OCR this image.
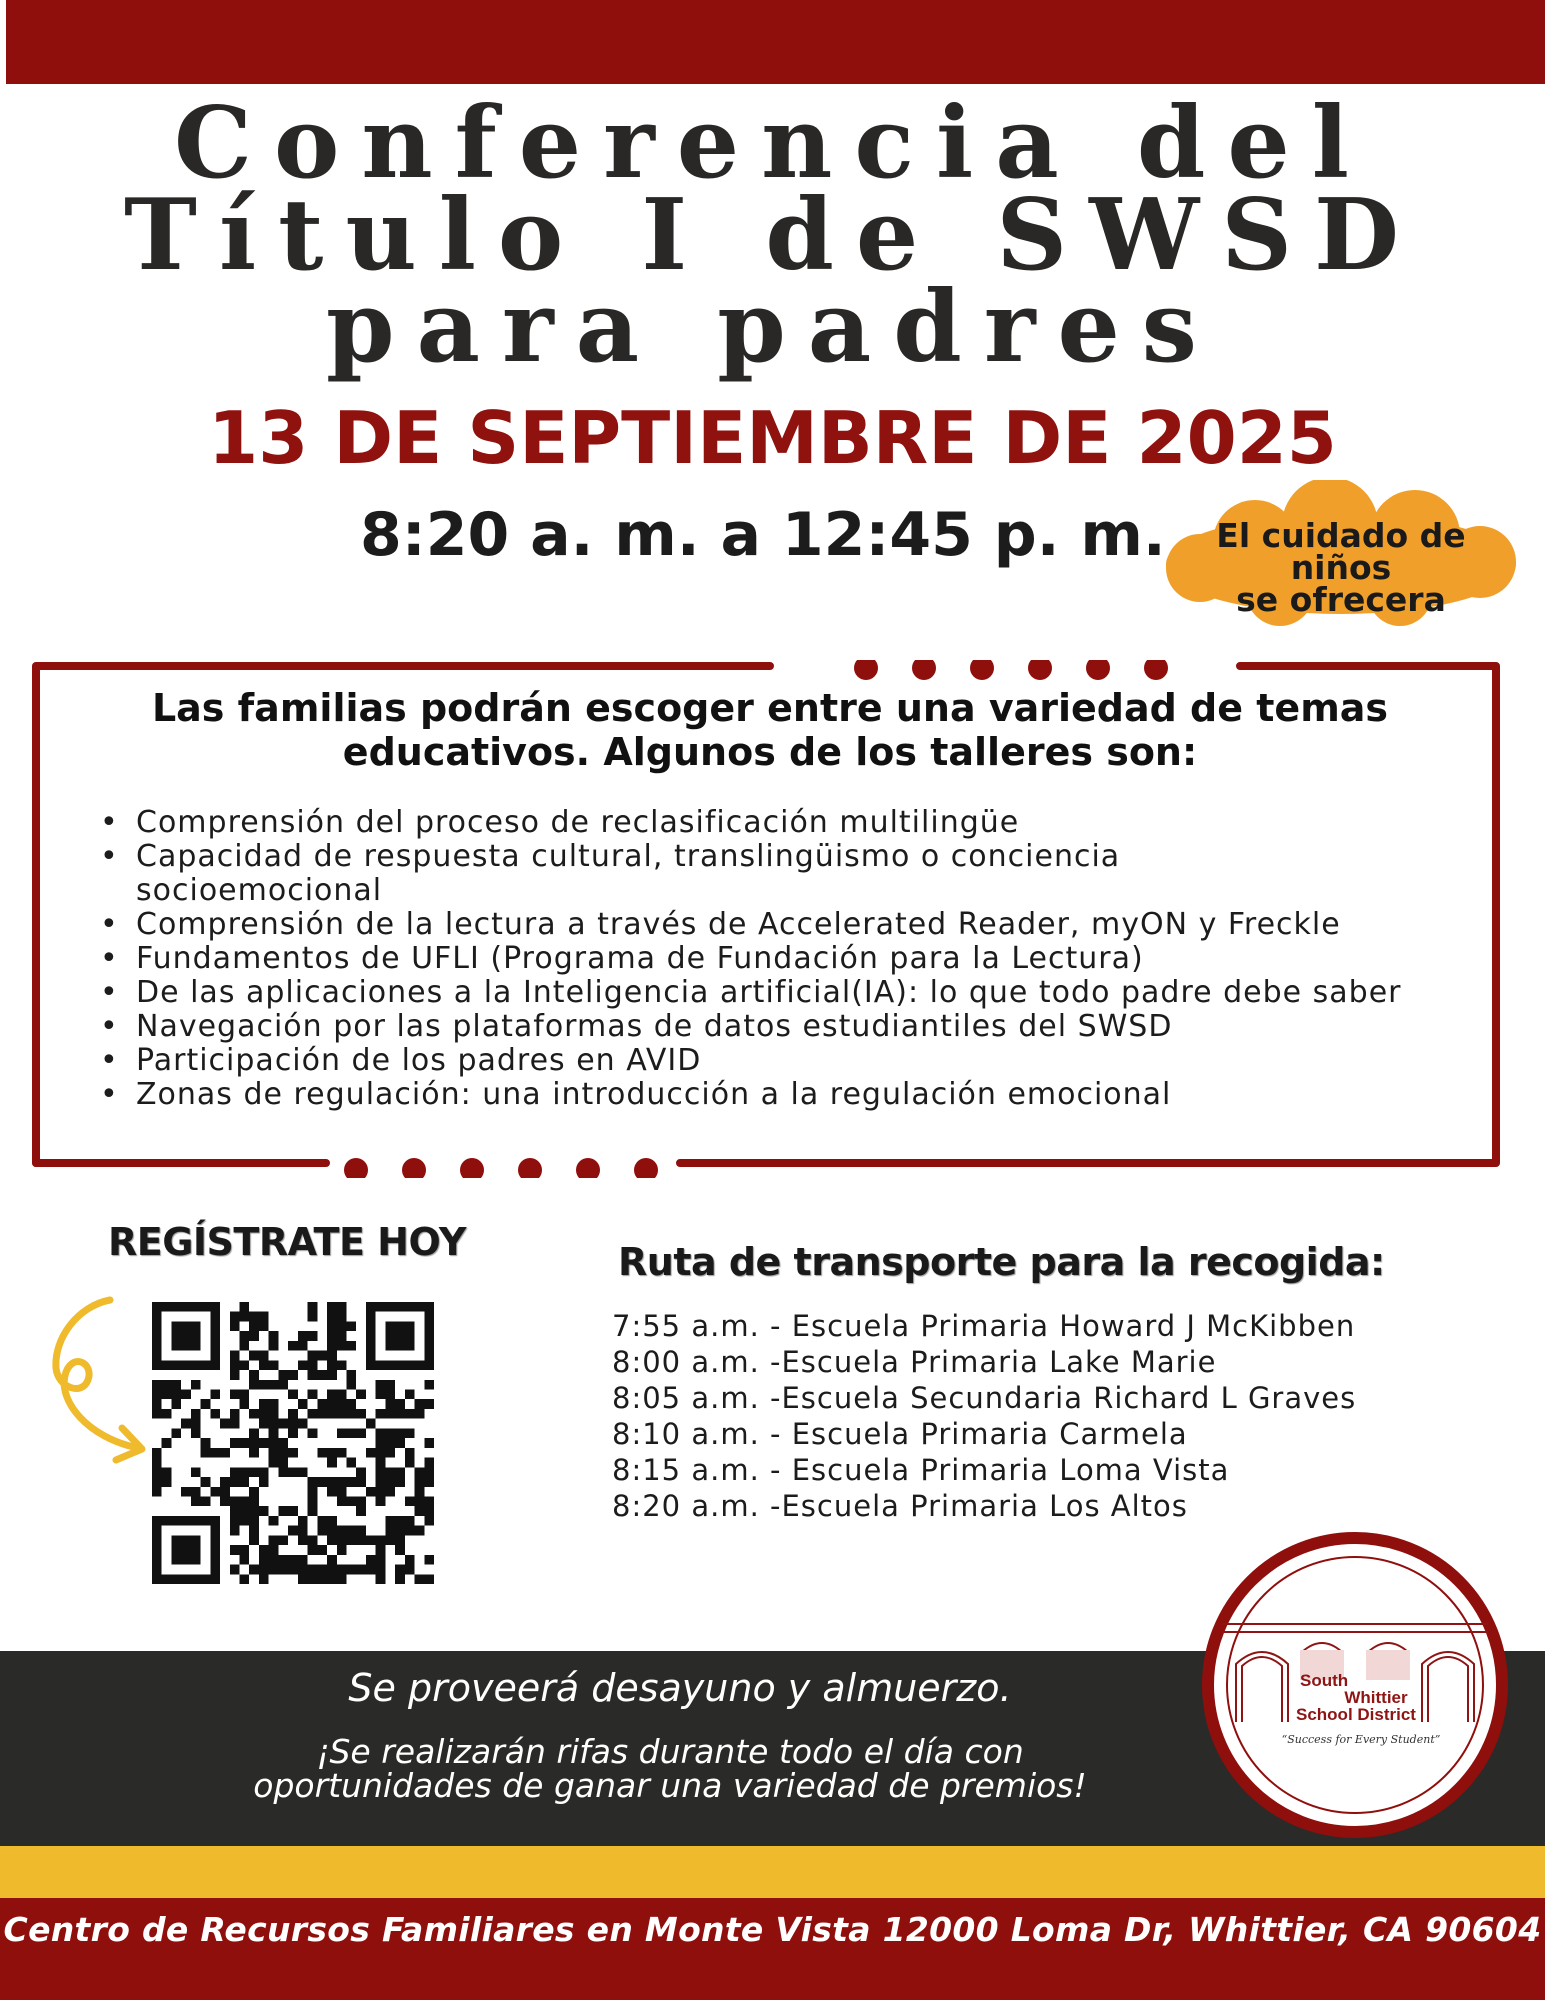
Conferencia del
Título I de SWSD
para padres
13 DE SEPTIEMBRE DE 2025
8:20 a. m. a 12:45 p. m.	El cuidado de
niños
se ofrecera
Las familias podrán escoger entre una variedad de temas
educativos. Algunos de los talleres son:
• Comprensión del proceso de reclasificación multilingüe
• Capacidad de respuesta cultural, translingüismo o conciencia socioemocional
• Comprensión de la lectura a través de Accelerated Reader, myON y Freckle
• Fundamentos de UFLI (Programa de Fundación para la Lectura)
• De las aplicaciones a la Inteligencia artificial(IA): lo que todo padre debe saber
• Navegación por las plataformas de datos estudiantiles del SWSD
• Participación de los padres en AVID
• Zonas de regulación: una introducción a la regulación emocional
REGÍSTRATE HOY	Ruta de transporte para la recogida:
7:55 a.m. - Escuela Primaria Howard J McKibben
8:00 a.m. -Escuela Primaria Lake Marie
8:05 a.m. -Escuela Secundaria Richard L Graves
8:10 a.m. - Escuela Primaria Carmela
8:15 a.m. - Escuela Primaria Loma Vista
8:20 a.m. -Escuela Primaria Los Altos
Se proveerá desayuno y almuerzo.
¡Se realizarán rifas durante todo el día con
oportunidades de ganar una variedad de premios!
Centro de Recursos Familiares en Monte Vista 12000 Loma Dr, Whittier, CA 90604
South
Whittier
School District
“Success for Every Student”
